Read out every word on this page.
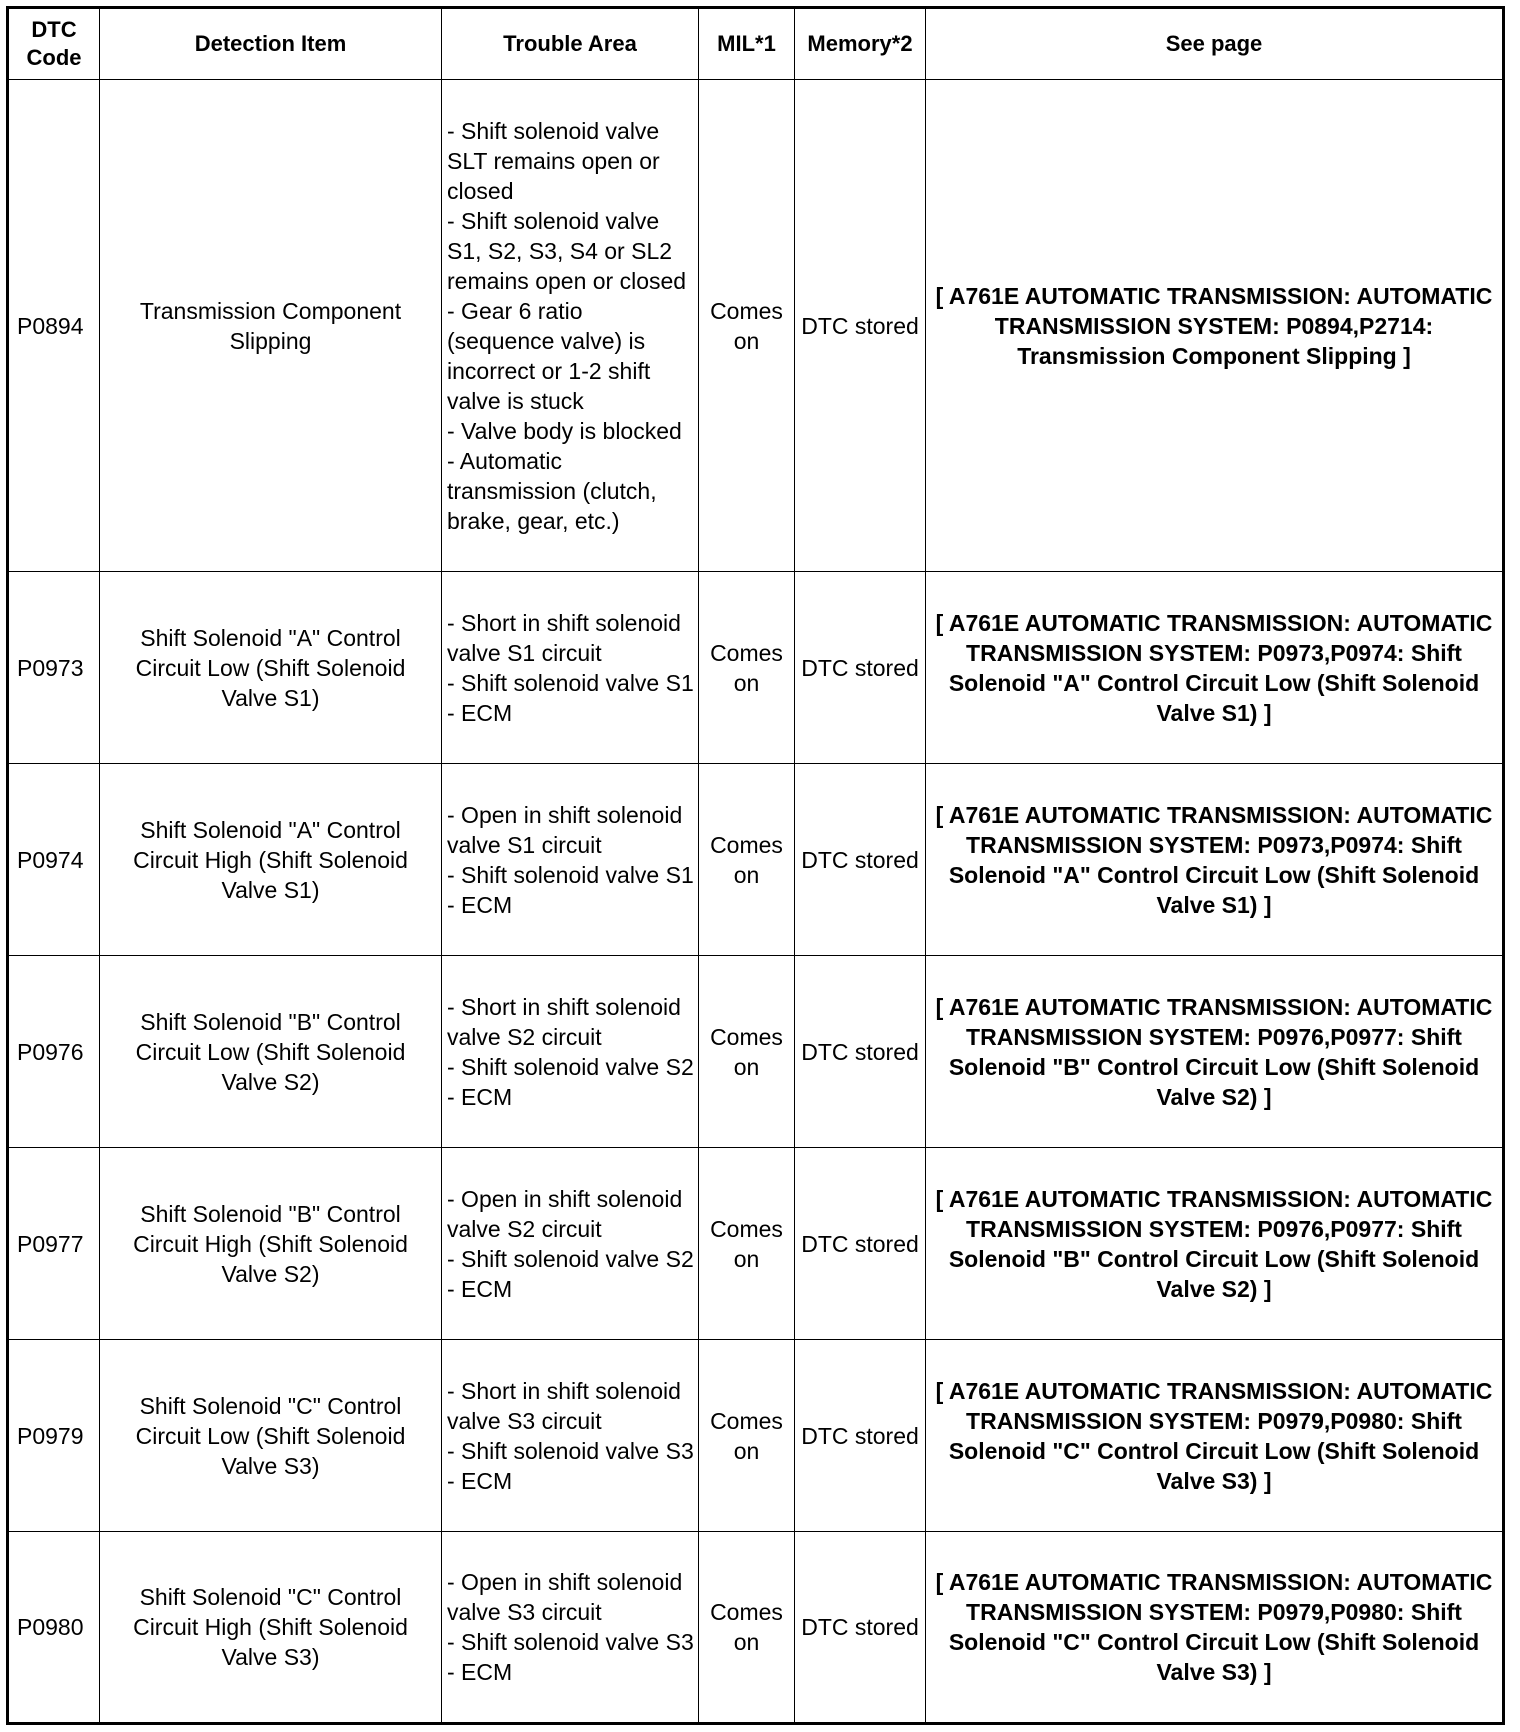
DTC Code	Detection Item	Trouble Area	MIL*1	Memory*2	See page
P0894	Transmission Component Slipping	- Shift solenoid valve SLT remains open or closed
- Shift solenoid valve S1, S2, S3, S4 or SL2 remains open or closed
- Gear 6 ratio (sequence valve) is incorrect or 1-2 shift valve is stuck
- Valve body is blocked
- Automatic transmission (clutch, brake, gear, etc.)	Comes on	DTC stored	[ A761E AUTOMATIC TRANSMISSION: AUTOMATIC TRANSMISSION SYSTEM: P0894,P2714: Transmission Component Slipping ]
P0973	Shift Solenoid "A" Control Circuit Low (Shift Solenoid Valve S1)	- Short in shift solenoid valve S1 circuit
- Shift solenoid valve S1
- ECM	Comes on	DTC stored	[ A761E AUTOMATIC TRANSMISSION: AUTOMATIC TRANSMISSION SYSTEM: P0973,P0974: Shift Solenoid "A" Control Circuit Low (Shift Solenoid Valve S1) ]
P0974	Shift Solenoid "A" Control Circuit High (Shift Solenoid Valve S1)	- Open in shift solenoid valve S1 circuit
- Shift solenoid valve S1
- ECM	Comes on	DTC stored	[ A761E AUTOMATIC TRANSMISSION: AUTOMATIC TRANSMISSION SYSTEM: P0973,P0974: Shift Solenoid "A" Control Circuit Low (Shift Solenoid Valve S1) ]
P0976	Shift Solenoid "B" Control Circuit Low (Shift Solenoid Valve S2)	- Short in shift solenoid valve S2 circuit
- Shift solenoid valve S2
- ECM	Comes on	DTC stored	[ A761E AUTOMATIC TRANSMISSION: AUTOMATIC TRANSMISSION SYSTEM: P0976,P0977: Shift Solenoid "B" Control Circuit Low (Shift Solenoid Valve S2) ]
P0977	Shift Solenoid "B" Control Circuit High (Shift Solenoid Valve S2)	- Open in shift solenoid valve S2 circuit
- Shift solenoid valve S2
- ECM	Comes on	DTC stored	[ A761E AUTOMATIC TRANSMISSION: AUTOMATIC TRANSMISSION SYSTEM: P0976,P0977: Shift Solenoid "B" Control Circuit Low (Shift Solenoid Valve S2) ]
P0979	Shift Solenoid "C" Control Circuit Low (Shift Solenoid Valve S3)	- Short in shift solenoid valve S3 circuit
- Shift solenoid valve S3
- ECM	Comes on	DTC stored	[ A761E AUTOMATIC TRANSMISSION: AUTOMATIC TRANSMISSION SYSTEM: P0979,P0980: Shift Solenoid "C" Control Circuit Low (Shift Solenoid Valve S3) ]
P0980	Shift Solenoid "C" Control Circuit High (Shift Solenoid Valve S3)	- Open in shift solenoid valve S3 circuit
- Shift solenoid valve S3
- ECM	Comes on	DTC stored	[ A761E AUTOMATIC TRANSMISSION: AUTOMATIC TRANSMISSION SYSTEM: P0979,P0980: Shift Solenoid "C" Control Circuit Low (Shift Solenoid Valve S3) ]
